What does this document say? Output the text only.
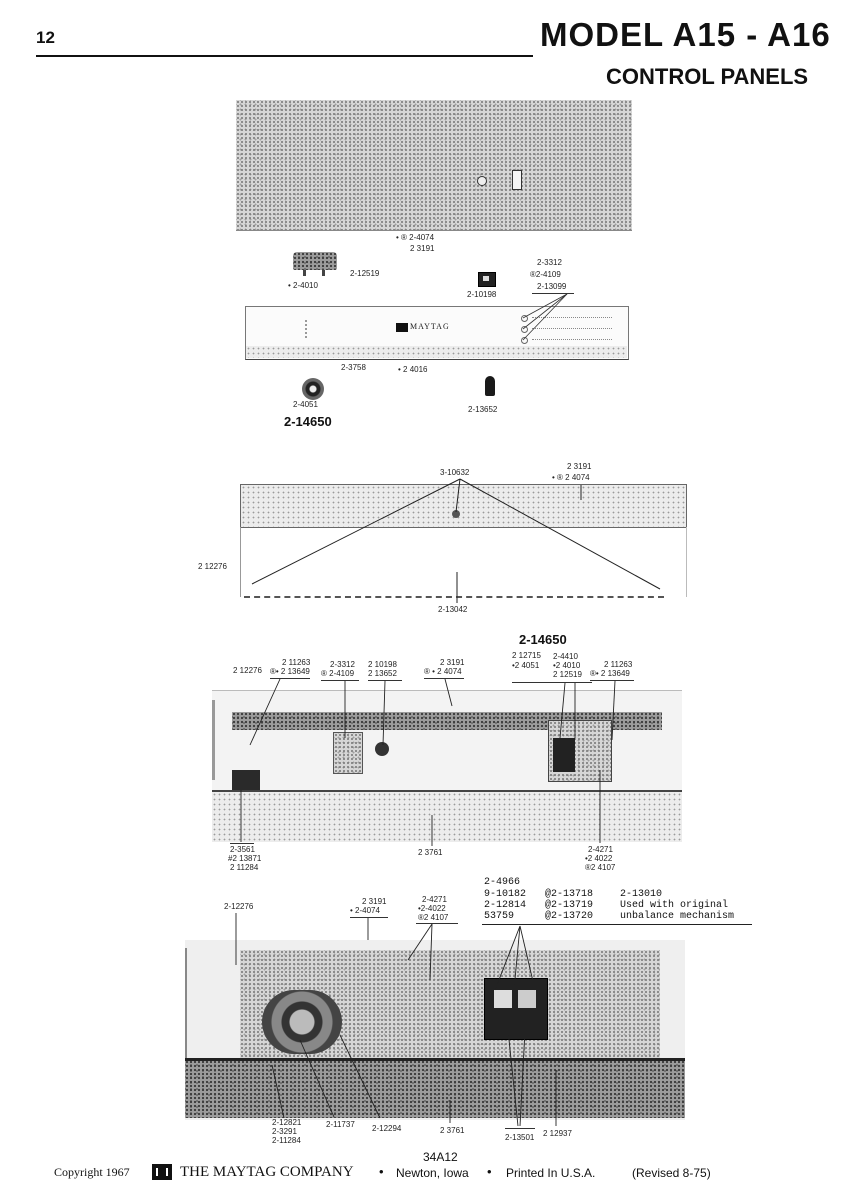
12	MODEL A15 - A16
CONTROL PANELS
• ® 2-4074
2 3191
2-12519
• 2-4010
2-10198
2-3312
®2-4109
2-13099
MAYTAG
2-3758	• 2 4016
2-4051
2-14650
2-13652
3-10632
2 3191
• ® 2 4074
2 12276
2-13042
2-14650
2 12276
2 11263
®• 2 13649
2-3312
® 2-4109
2 10198
2 13652
2 3191
® • 2 4074
2 12715
•2 4051
2-4410
•2 4010
2 12519
2 11263
®• 2 13649
2-3561
#2 13871
2 11284
2 3761	2-4271
•2 4022
®2 4107
2-4966
9-10182 @2-13718	2-13010
2-12814 @2-13719	Used with original
53759	@2-13720	unbalance mechanism
2-12276
2 3191
• 2-4074
2-4271
•2-4022
®2 4107
2-12821
2-3291
2-11284
2-11737 2-12294	2 3761
2-13501 2 12937
34A12
Copyright 1967	THE MAYTAG COMPANY • Newton, Iowa • Printed In U.S.A.	(Revised 8-75)
